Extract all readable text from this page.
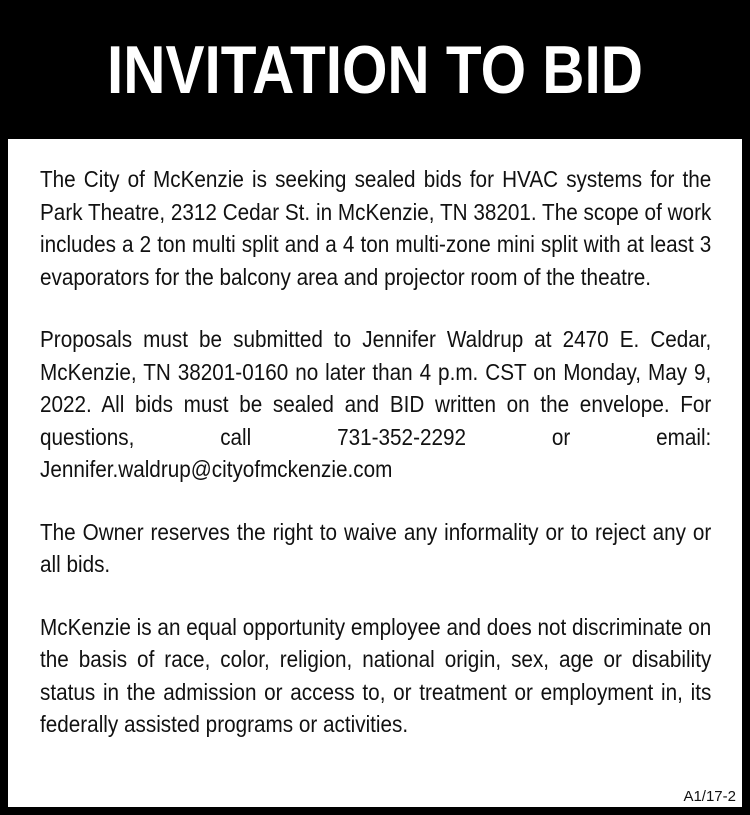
INVITATION TO BID

The City of McKenzie is seeking sealed bids for HVAC systems for the Park Theatre, 2312 Cedar St. in McKenzie, TN 38201. The scope of work includes a 2 ton multi split and a 4 ton multi-zone mini split with at least 3 evaporators for the balcony area and projector room of the theatre.

Proposals must be submitted to Jennifer Waldrup at 2470 E. Cedar, McKenzie, TN 38201-0160 no later than 4 p.m. CST on Monday, May 9, 2022. All bids must be sealed and BID written on the envelope. For questions, call 731-352-2292 or email: Jennifer.waldrup@cityofmckenzie.com

The Owner reserves the right to waive any informality or to reject any or all bids.

McKenzie is an equal opportunity employee and does not discriminate on the basis of race, color, religion, national origin, sex, age or disability status in the admission or access to, or treatment or employment in, its federally assisted programs or activities.

A1/17-2
